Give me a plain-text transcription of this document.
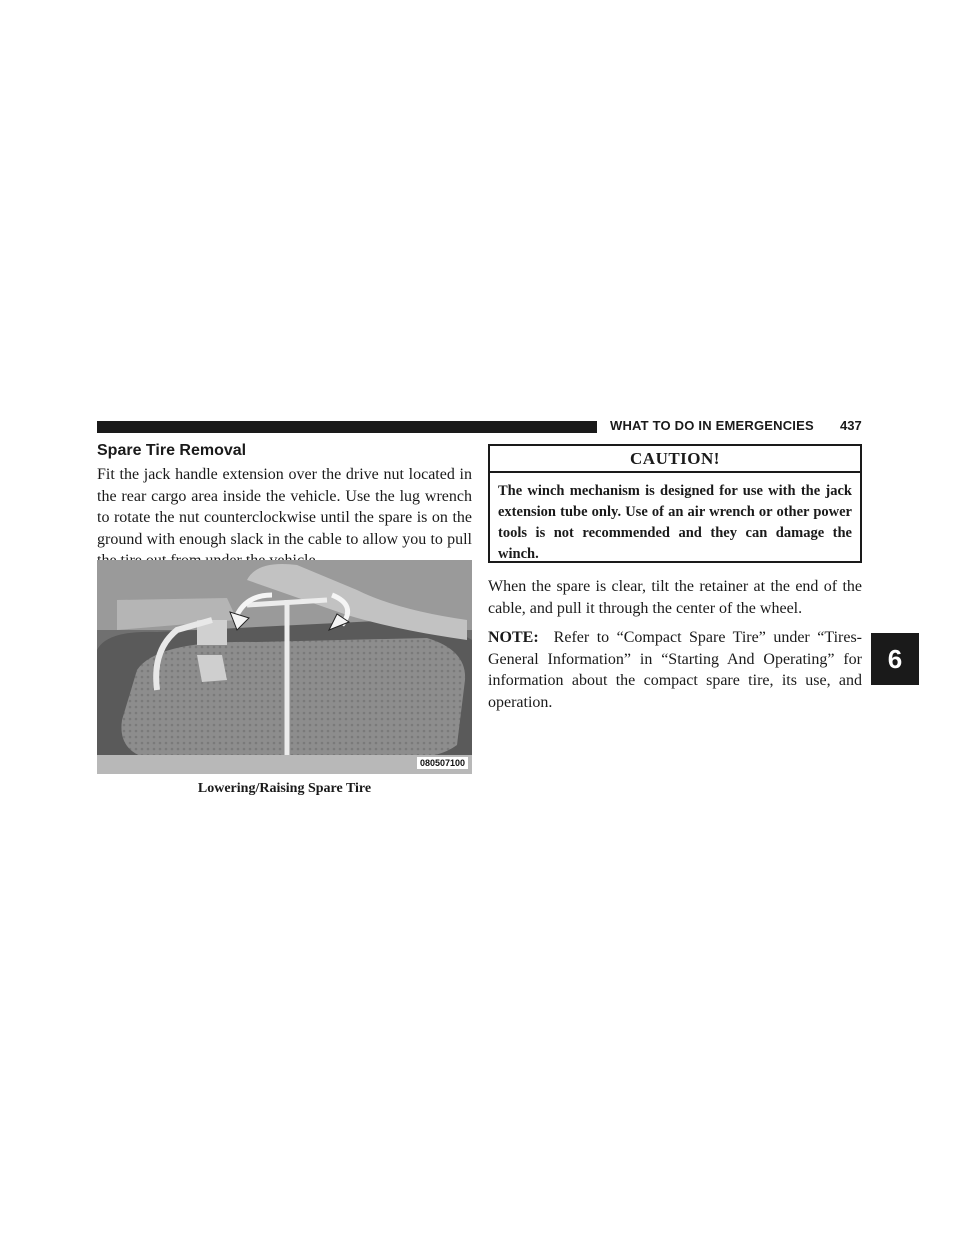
WHAT TO DO IN EMERGENCIES 437
Spare Tire Removal

Fit the jack handle extension over the drive nut located in the rear cargo area inside the vehicle. Use the lug wrench to rotate the nut counterclockwise until the spare is on the ground with enough slack in the cable to allow you to pull

080507100
Lowering/Raising Spare Tire
CAUTION!
The winch mechanism is designed for use with the jack extension tube only. Use of an air wrench or other power tools is not recommended and they can damage the winch.

When the spare is clear, tilt the retainer at the end of the cable, and pull it through the center of the wheel.

NOTE: Refer to “Compact Spare Tire” under “Tires-General Information” in “Starting And Operating” for information about the compact spare tire, its use, and operation.

6
